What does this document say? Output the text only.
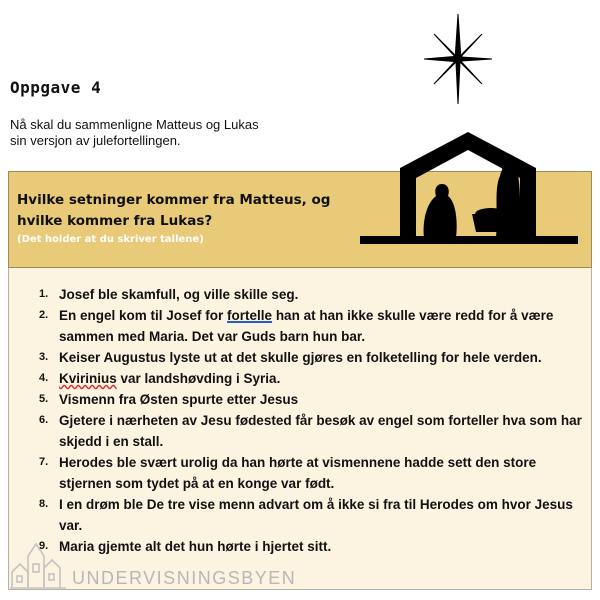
Oppgave 4
Nå skal du sammenligne Matteus og Lukas
sin versjon av julefortellingen.
Hvilke setninger kommer fra Matteus, og
hvilke kommer fra Lukas?
(Det holder at du skriver tallene)
1. Josef ble skamfull, og ville skille seg.
2. En engel kom til Josef for fortelle han at han ikke skulle være redd for å være sammen med Maria. Det var Guds barn hun bar.
3. Keiser Augustus lyste ut at det skulle gjøres en folketelling for hele verden.
4. Kvirinius var landshøvding i Syria.
5. Vismenn fra Østen spurte etter Jesus
6. Gjetere i nærheten av Jesu fødested får besøk av engel som forteller hva som har skjedd i en stall.
7. Herodes ble svært urolig da han hørte at vismennene hadde sett den store stjernen som tydet på at en konge var født.
8. I en drøm ble De tre vise menn advart om å ikke si fra til Herodes om hvor Jesus var.
9. Maria gjemte alt det hun hørte i hjertet sitt.
UNDERVISNINGSBYEN
